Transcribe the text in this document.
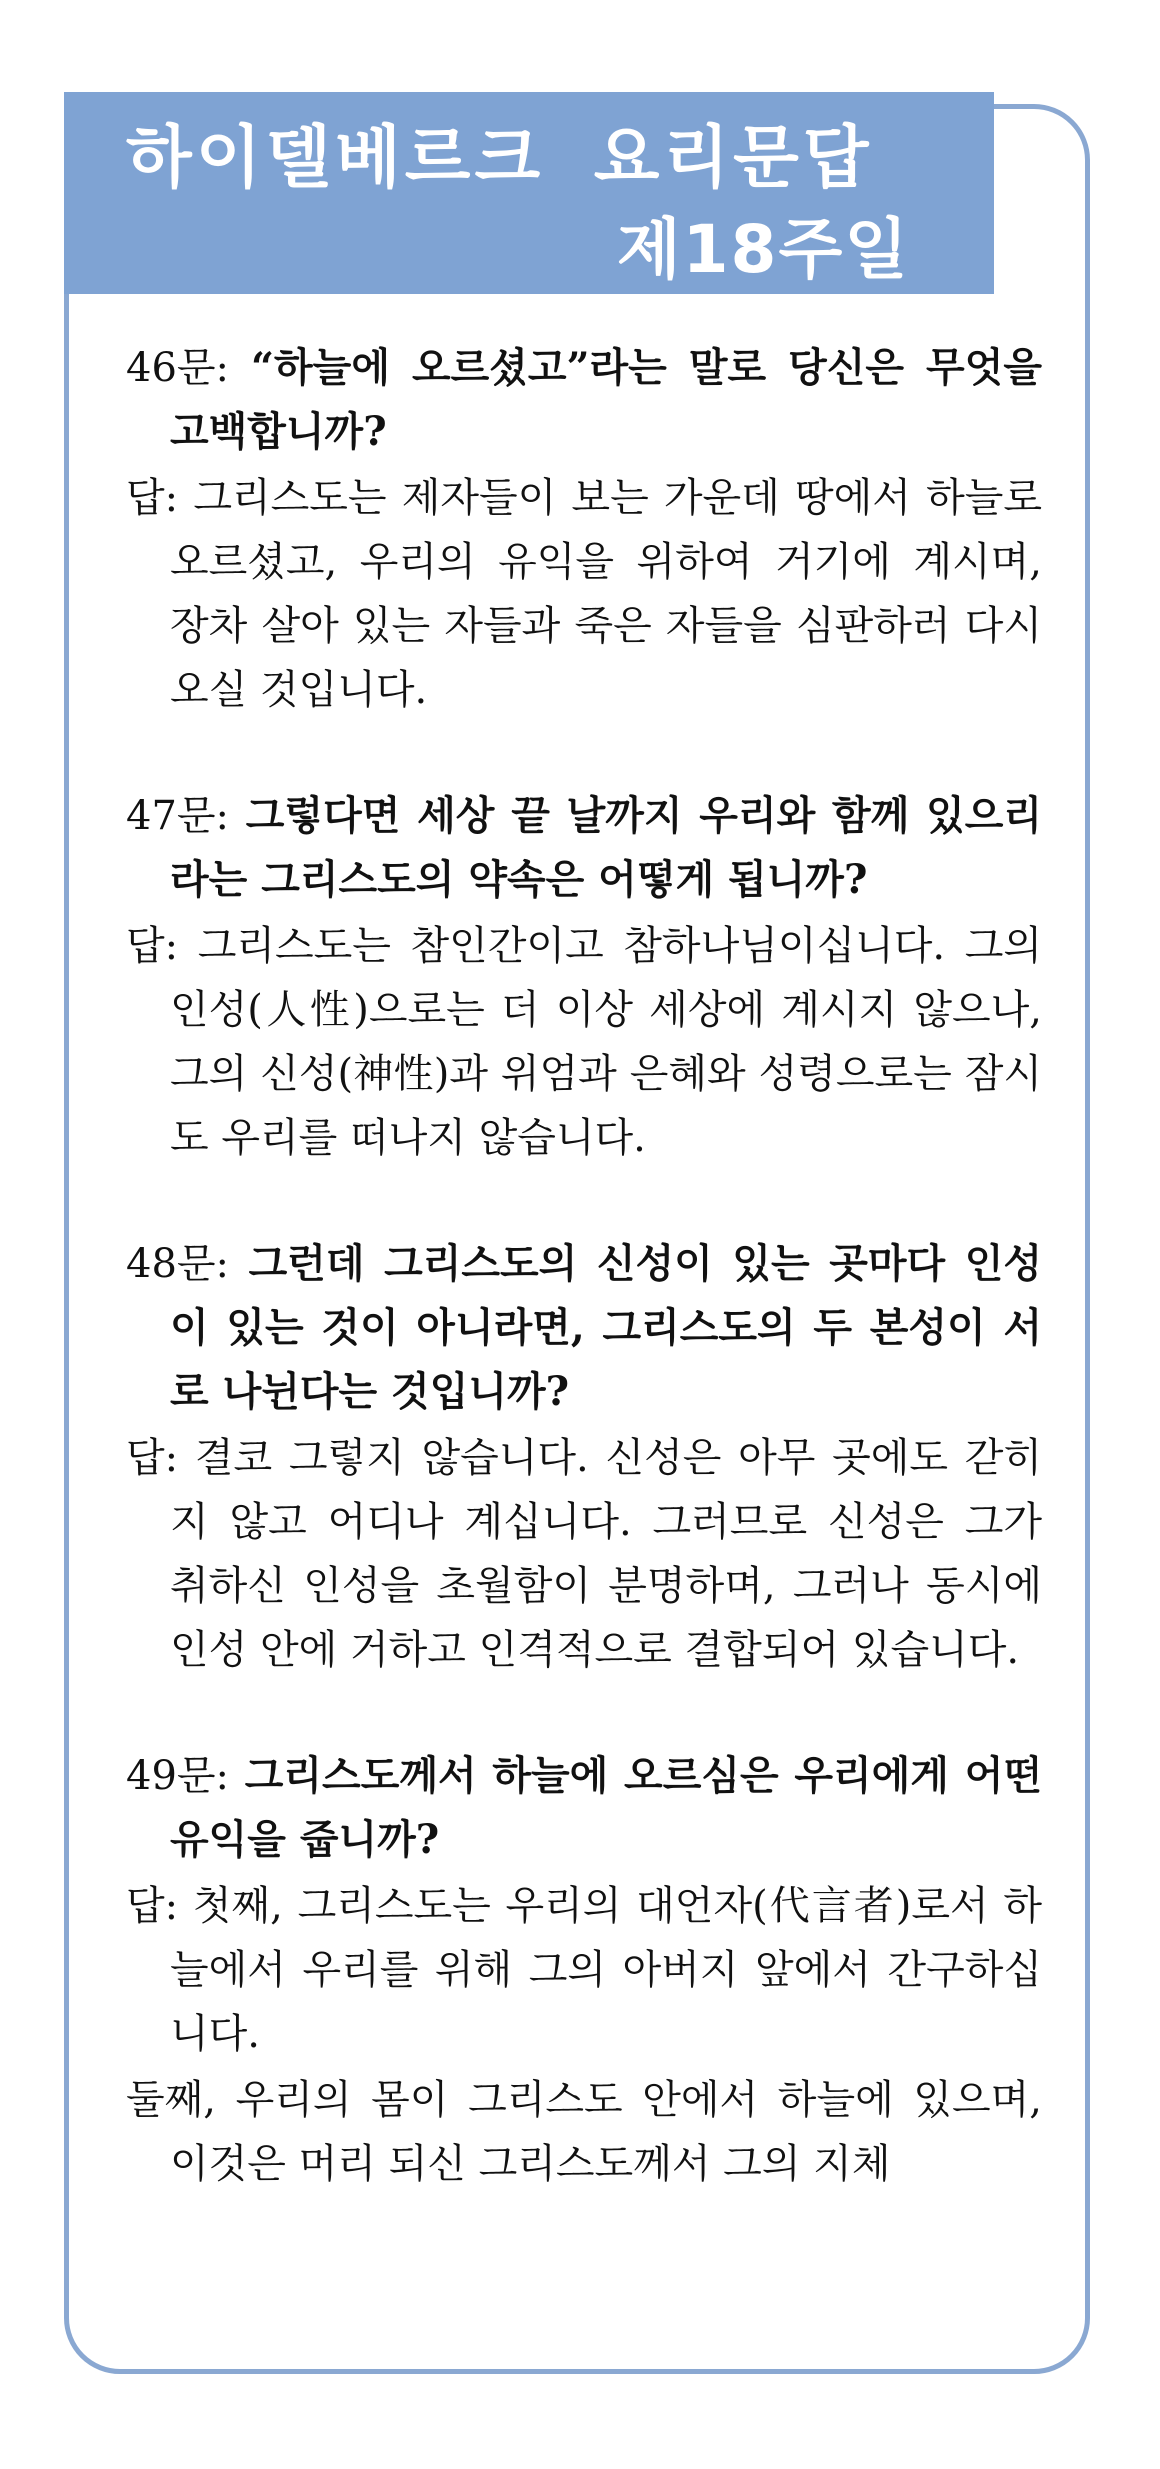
하이델베르크 요리문답
제18주일

46문: “하늘에 오르셨고”라는 말로 당신은 무엇을 고백합니까?

답: 그리스도는 제자들이 보는 가운데 땅에서 하늘로 오르셨고, 우리의 유익을 위하여 거기에 계시며, 장차 살아 있는 자들과 죽은 자들을 심판하러 다시 오실 것입니다.

47문: 그렇다면 세상 끝 날까지 우리와 함께 있으리라는 그리스도의 약속은 어떻게 됩니까?

답: 그리스도는 참인간이고 참하나님이십니다. 그의 인성(人性)으로는 더 이상 세상에 계시지 않으나, 그의 신성(神性)과 위엄과 은혜와 성령으로는 잠시도 우리를 떠나지 않습니다.

48문: 그런데 그리스도의 신성이 있는 곳마다 인성이 있는 것이 아니라면, 그리스도의 두 본성이 서로 나뉜다는 것입니까?

답: 결코 그렇지 않습니다. 신성은 아무 곳에도 갇히지 않고 어디나 계십니다. 그러므로 신성은 그가 취하신 인성을 초월함이 분명하며, 그러나 동시에 인성 안에 거하고 인격적으로 결합되어 있습니다.

49문: 그리스도께서 하늘에 오르심은 우리에게 어떤 유익을 줍니까?

답: 첫째, 그리스도는 우리의 대언자(代言者)로서 하늘에서 우리를 위해 그의 아버지 앞에서 간구하십니다.

둘째, 우리의 몸이 그리스도 안에서 하늘에 있으며, 이것은 머리 되신 그리스도께서 그의 지체
